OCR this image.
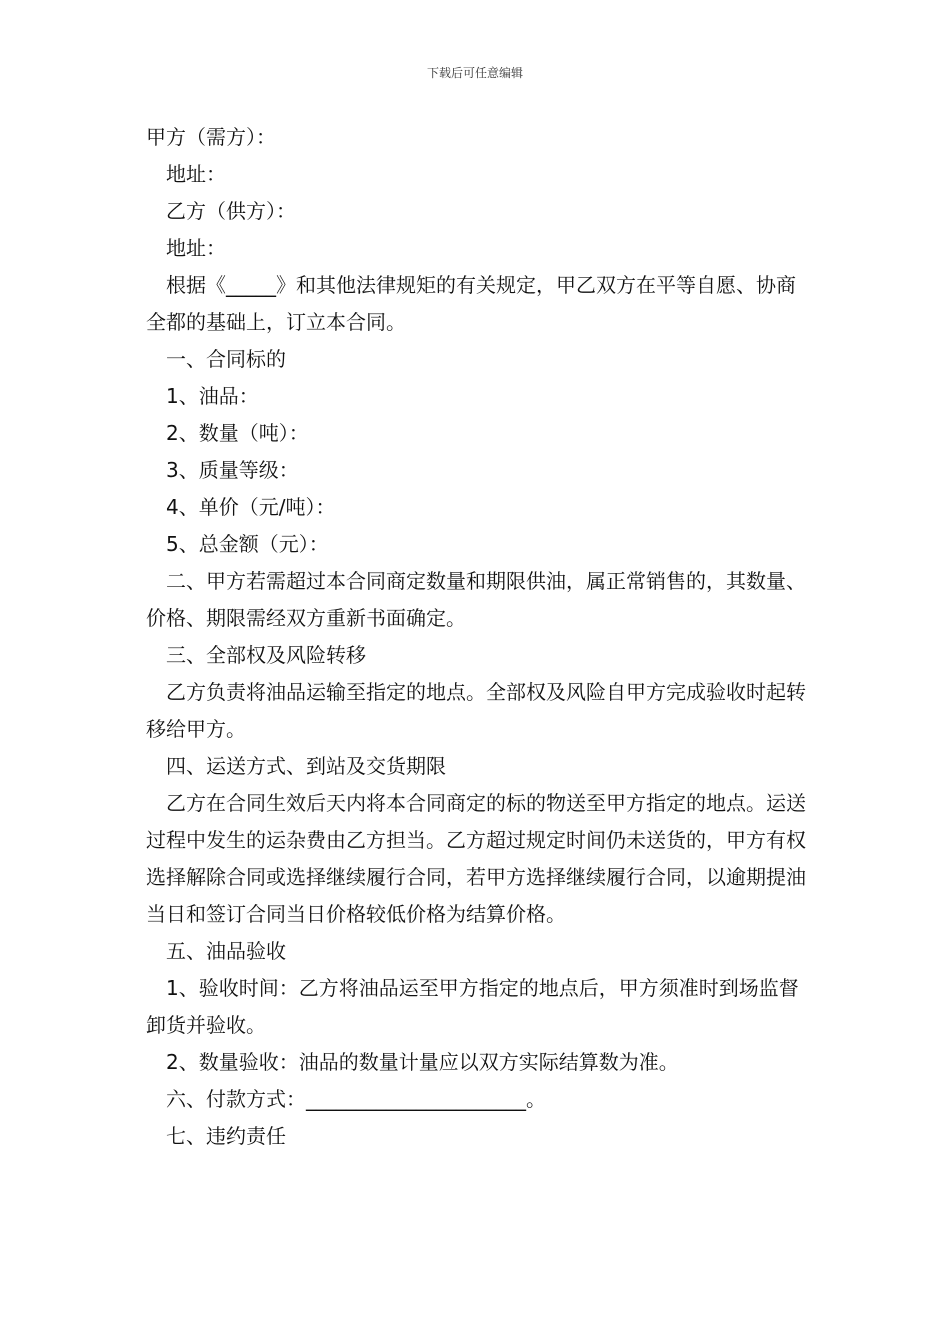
下载后可任意编辑

甲方（需方）：

地址：

乙方（供方）：

地址：

根据《_____》和其他法律规矩的有关规定，甲乙双方在平等自愿、协商全都的基础上，订立本合同。

一、合同标的

1、油品：

2、数量（吨）：

3、质量等级：

4、单价（元/吨）：

5、总金额（元）：

二、甲方若需超过本合同商定数量和期限供油，属正常销售的，其数量、价格、期限需经双方重新书面确定。

三、全部权及风险转移

乙方负责将油品运输至指定的地点。全部权及风险自甲方完成验收时起转移给甲方。

四、运送方式、到站及交货期限

乙方在合同生效后天内将本合同商定的标的物送至甲方指定的地点。运送过程中发生的运杂费由乙方担当。乙方超过规定时间仍未送货的，甲方有权选择解除合同或选择继续履行合同，若甲方选择继续履行合同，以逾期提油当日和签订合同当日价格较低价格为结算价格。

五、油品验收

1、验收时间：乙方将油品运至甲方指定的地点后，甲方须准时到场监督卸货并验收。

2、数量验收：油品的数量计量应以双方实际结算数为准。

六、付款方式：______________________。

七、违约责任
